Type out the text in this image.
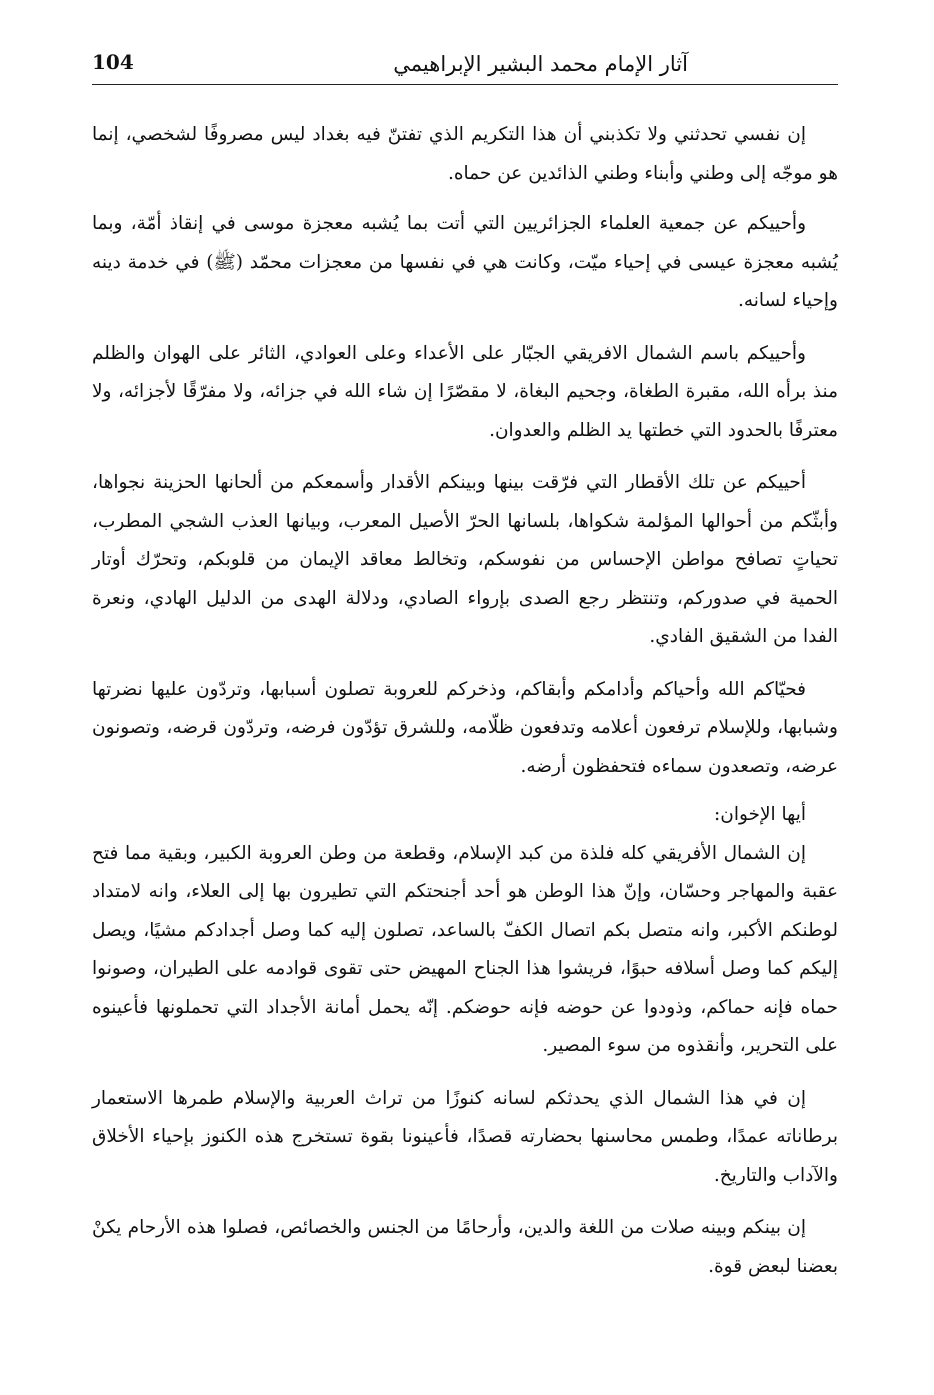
104	آثار الإمام محمد البشير الإبراهيمي

إن نفسي تحدثني ولا تكذبني أن هذا التكريم الذي تفتنّ فيه بغداد ليس مصروفًا لشخصي، إنما هو موجّه إلى وطني وأبناء وطني الذائدين عن حماه.

وأحييكم عن جمعية العلماء الجزائريين التي أتت بما يُشبه معجزة موسى في إنقاذ أمّة، وبما يُشبه معجزة عيسى في إحياء ميّت، وكانت هي في نفسها من معجزات محمّد (ﷺ) في خدمة دينه وإحياء لسانه.

وأحييكم باسم الشمال الافريقي الجبّار على الأعداء وعلى العوادي، الثائر على الهوان والظلم منذ برأه الله، مقبرة الطغاة، وجحيم البغاة، لا مقصّرًا إن شاء الله في جزائه، ولا مفرّقًا لأجزائه، ولا معترفًا بالحدود التي خطتها يد الظلم والعدوان.

أحييكم عن تلك الأقطار التي فرّقت بينها وبينكم الأقدار وأسمعكم من ألحانها الحزينة نجواها، وأبثّكم من أحوالها المؤلمة شكواها، بلسانها الحرّ الأصيل المعرب، وبيانها العذب الشجي المطرب، تحياتٍ تصافح مواطن الإحساس من نفوسكم، وتخالط معاقد الإيمان من قلوبكم، وتحرّك أوتار الحمية في صدوركم، وتنتظر رجع الصدى بإرواء الصادي، ودلالة الهدى من الدليل الهادي، ونعرة الفدا من الشقيق الفادي.

فحيّاكم الله وأحياكم وأدامكم وأبقاكم، وذخركم للعروبة تصلون أسبابها، وتردّون عليها نضرتها وشبابها، وللإسلام ترفعون أعلامه وتدفعون ظلّامه، وللشرق تؤدّون فرضه، وتردّون قرضه، وتصونون عرضه، وتصعدون سماءه فتحفظون أرضه.

أيها الإخوان:

إن الشمال الأفريقي كله فلذة من كبد الإسلام، وقطعة من وطن العروبة الكبير، وبقية مما فتح عقبة والمهاجر وحسّان، وإنّ هذا الوطن هو أحد أجنحتكم التي تطيرون بها إلى العلاء، وانه لامتداد لوطنكم الأكبر، وانه متصل بكم اتصال الكفّ بالساعد، تصلون إليه كما وصل أجدادكم مشيًا، ويصل إليكم كما وصل أسلافه حبوًا، فريشوا هذا الجناح المهيض حتى تقوى قوادمه على الطيران، وصونوا حماه فإنه حماكم، وذودوا عن حوضه فإنه حوضكم. إنّه يحمل أمانة الأجداد التي تحملونها فأعينوه على التحرير، وأنقذوه من سوء المصير.

إن في هذا الشمال الذي يحدثكم لسانه كنوزًا من تراث العربية والإسلام طمرها الاستعمار برطاناته عمدًا، وطمس محاسنها بحضارته قصدًا، فأعينونا بقوة تستخرج هذه الكنوز بإحياء الأخلاق والآداب والتاريخ.

إن بينكم وبينه صلات من اللغة والدين، وأرحامًا من الجنس والخصائص، فصلوا هذه الأرحام يكنْ بعضنا لبعض قوة.
